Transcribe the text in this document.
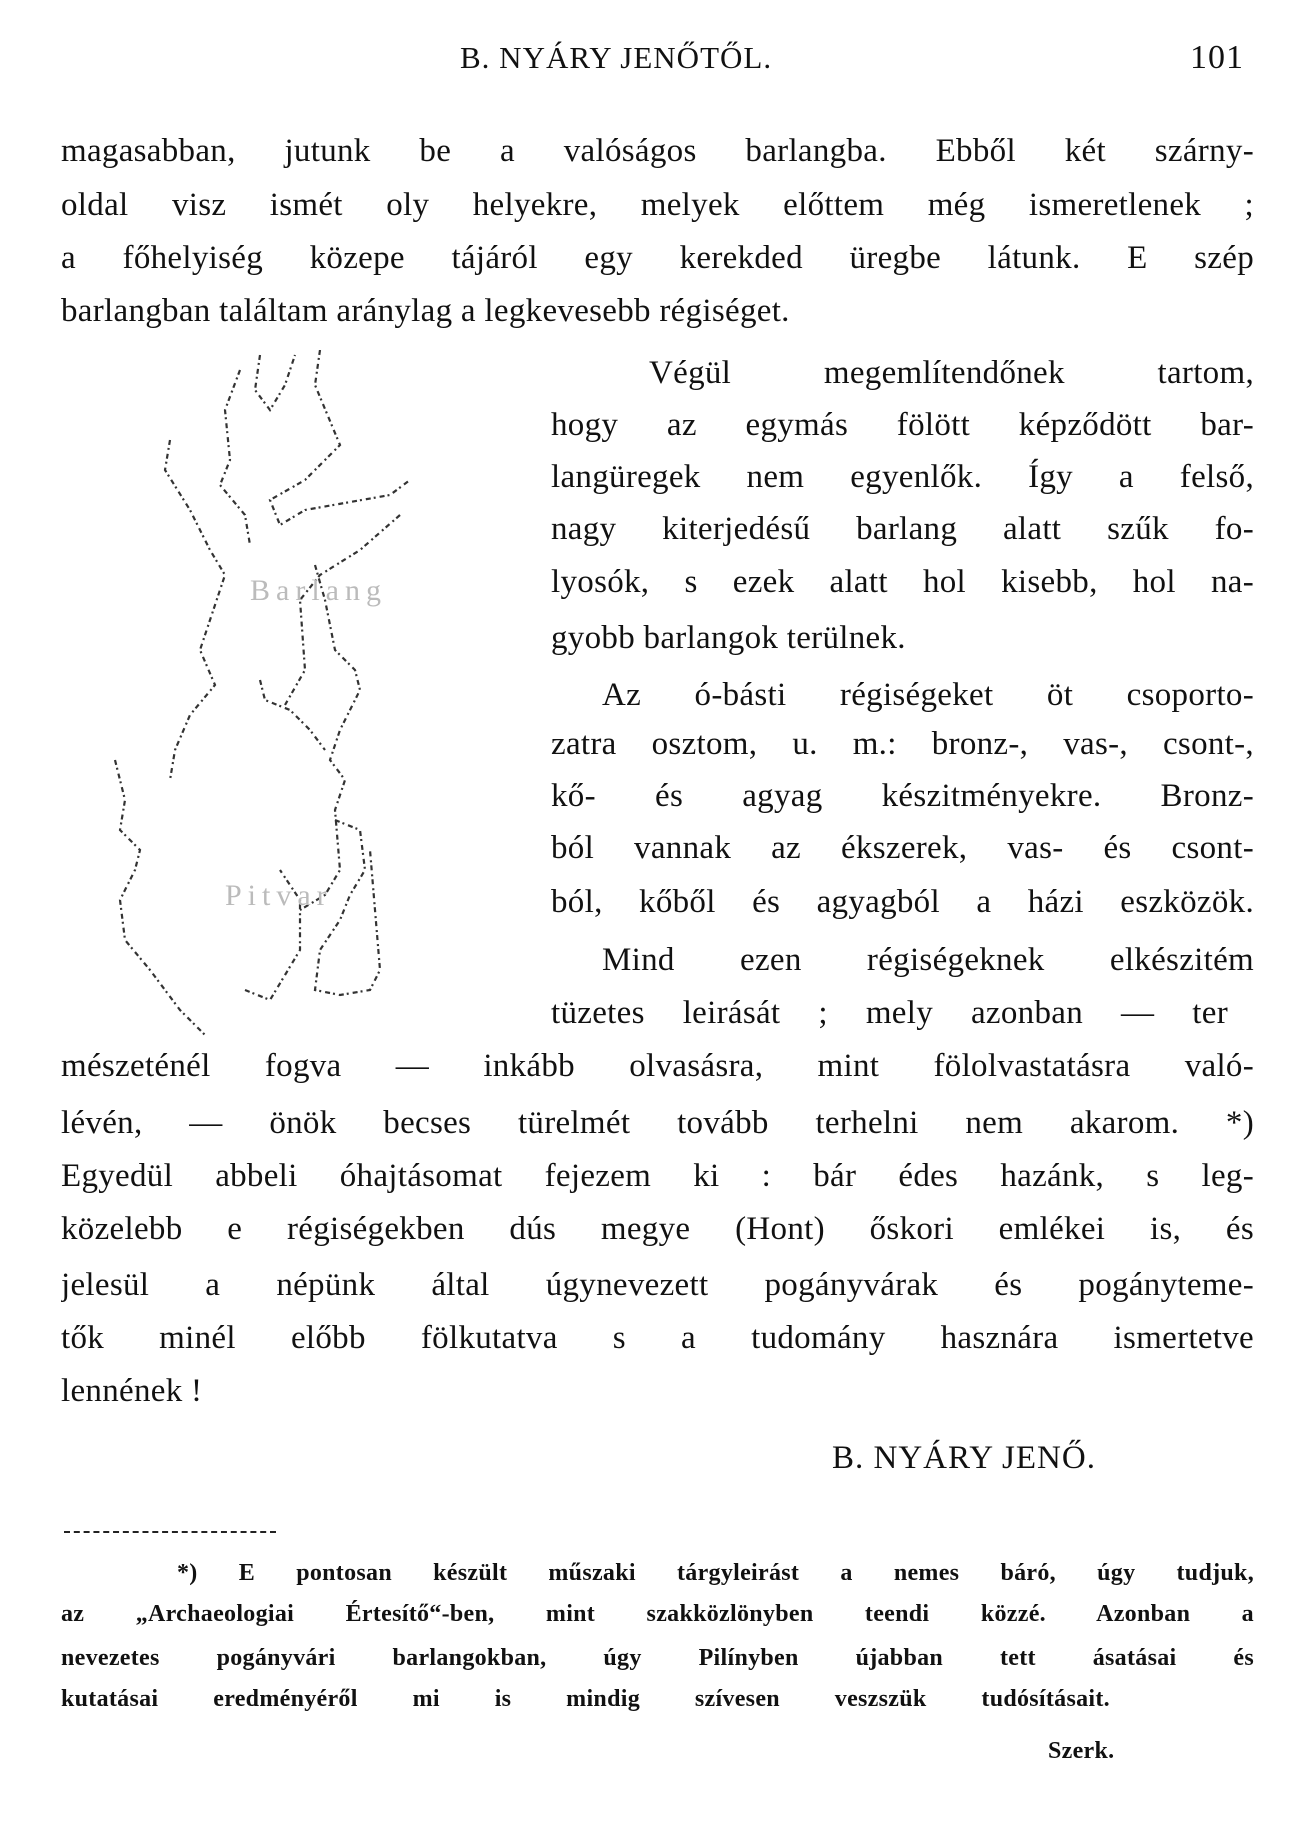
B. NYÁRY JENŐTŐL.	101
magasabban, jutunk be a valóságos barlangba. Ebből két szárny-
oldal visz ismét oly helyekre, melyek előttem még ismeretlenek ;
a főhelyiség közepe tájáról egy kerekded üregbe látunk. E szép
barlangban találtam aránylag a legkevesebb régiséget.
Végül megemlítendőnek tartom,
hogy az egymás fölött képződött bar-
langüregek nem egyenlők. Így a felső,
nagy kiterjedésű barlang alatt szűk fo-
lyosók, s ezek alatt hol kisebb, hol na-
gyobb barlangok terülnek.
Az ó-básti régiségeket öt csoporto-
zatra osztom, u. m.: bronz-, vas-, csont-,
kő- és agyag készitményekre. Bronz-
ból vannak az ékszerek, vas- és csont-
ból, kőből és agyagból a házi eszközök.
Mind ezen régiségeknek elkészitém
tüzetes leirását ; mely azonban — ter
mészeténél fogva — inkább olvasásra, mint fölolvastatásra való-
lévén, — önök becses türelmét tovább terhelni nem akarom. *)
Egyedül abbeli óhajtásomat fejezem ki : bár édes hazánk, s leg-
közelebb e régiségekben dús megye (Hont) őskori emlékei is, és
jelesül a népünk által úgynevezett pogányvárak és pogányteme-
tők minél előbb fölkutatva s a tudomány hasznára ismertetve
lennének !
Barlang
Pitvar
B. NYÁRY JENŐ.
*) E pontosan készült műszaki tárgyleirást a nemes báró, úgy tudjuk,
az „Archaeologiai Értesítő“-ben, mint szakközlönyben teendi közzé. Azonban a
nevezetes pogányvári barlangokban, úgy Pilínyben újabban tett ásatásai és
kutatásai eredményéről mi is mindig szívesen veszszük tudósításait.
Szerk.
